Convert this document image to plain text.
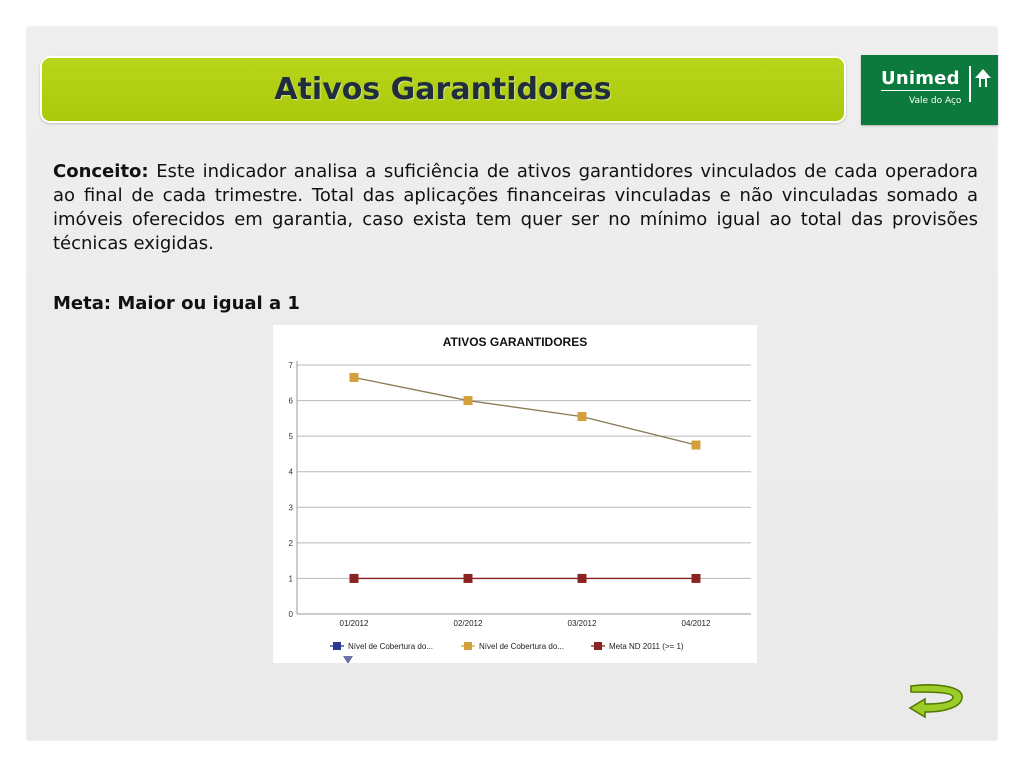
Ativos Garantidores	Unimed
Vale do Aço
Conceito: Este indicador analisa a suficiência de ativos garantidores vinculados de cada operadora ao final de cada trimestre. Total das aplicações financeiras vinculadas e não vinculadas somado a imóveis oferecidos em garantia, caso exista tem quer ser no mínimo igual ao total das provisões técnicas exigidas.
Meta: Maior ou igual a 1
ATIVOS GARANTIDORES
0
1
2
3
4
5
6
7
01/2012	02/2012	03/2012	04/2012
Nível de Cobertura do...	Nível de Cobertura do...	Meta ND 2011 (>= 1)
